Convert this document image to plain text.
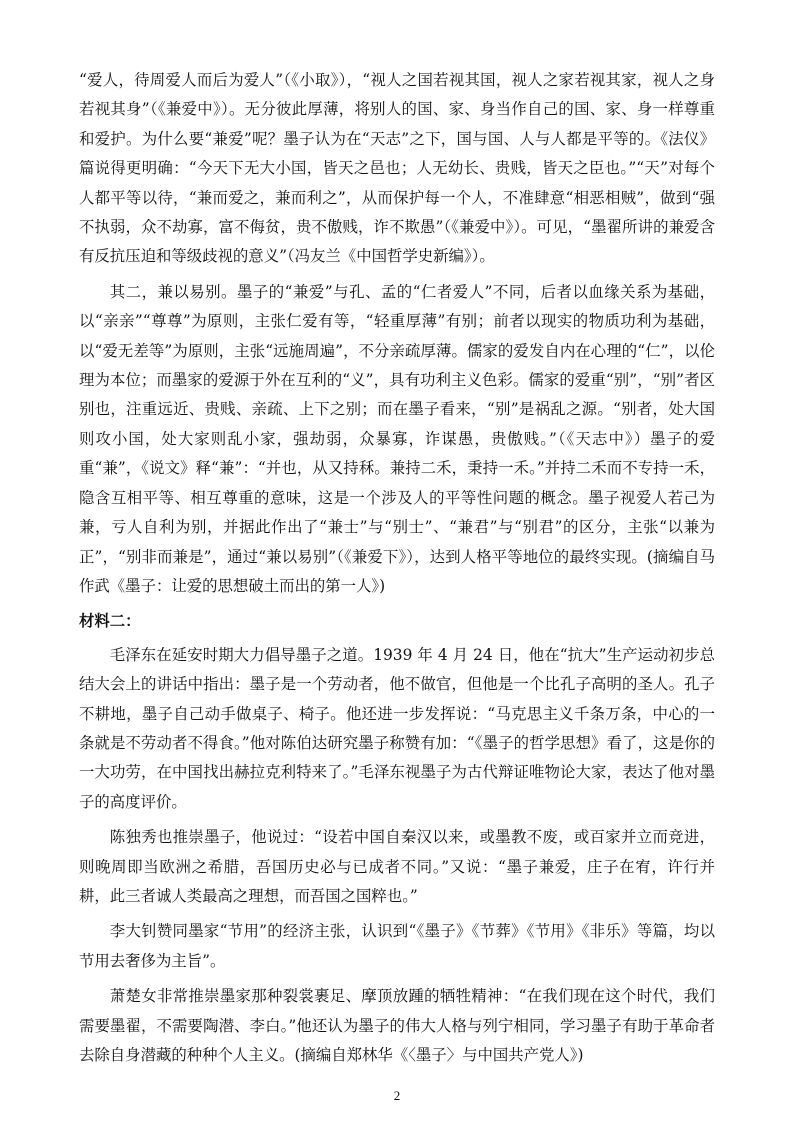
“爱人，待周爱人而后为爱人”（《小取》），“视人之国若视其国，视人之家若视其家，视人之身若视其身”（《兼爱中》）。无分彼此厚薄，将别人的国、家、身当作自己的国、家、身一样尊重和爱护。为什么要“兼爱”呢？墨子认为在“天志”之下，国与国、人与人都是平等的。《法仪》篇说得更明确：“今天下无大小国，皆天之邑也；人无幼长、贵贱，皆天之臣也。”“天”对每个人都平等以待，“兼而爱之，兼而利之”，从而保护每一个人，不准肆意“相恶相贼”，做到“强不执弱，众不劫寡，富不侮贫，贵不傲贱，诈不欺愚”（《兼爱中》）。可见，“墨翟所讲的兼爱含有反抗压迫和等级歧视的意义”（冯友兰《中国哲学史新编》）。

其二，兼以易别。墨子的“兼爱”与孔、孟的“仁者爱人”不同，后者以血缘关系为基础，以“亲亲”“尊尊”为原则，主张仁爱有等，“轻重厚薄”有别；前者以现实的物质功利为基础，以“爱无差等”为原则，主张“远施周遍”，不分亲疏厚薄。儒家的爱发自内在心理的“仁”，以伦理为本位；而墨家的爱源于外在互利的“义”，具有功利主义色彩。儒家的爱重“别”，“别”者区别也，注重远近、贵贱、亲疏、上下之别；而在墨子看来，“别”是祸乱之源。“别者，处大国则攻小国，处大家则乱小家，强劫弱，众暴寡，诈谋愚，贵傲贱。”（《天志中》）墨子的爱重“兼”，《说文》释“兼”：“并也，从又持秝。兼持二禾，秉持一禾。”并持二禾而不专持一禾，隐含互相平等、相互尊重的意味，这是一个涉及人的平等性问题的概念。墨子视爱人若己为兼，亏人自利为别，并据此作出了“兼士”与“别士”、“兼君”与“别君”的区分，主张“以兼为正”，“别非而兼是”，通过“兼以易别”（《兼爱下》），达到人格平等地位的最终实现。(摘编自马作武《墨子：让爱的思想破土而出的第一人》)

材料二：

毛泽东在延安时期大力倡导墨子之道。1939 年 4 月 24 日，他在“抗大”生产运动初步总结大会上的讲话中指出：墨子是一个劳动者，他不做官，但他是一个比孔子高明的圣人。孔子不耕地，墨子自己动手做桌子、椅子。他还进一步发挥说：“马克思主义千条万条，中心的一条就是不劳动者不得食。”他对陈伯达研究墨子称赞有加：“《墨子的哲学思想》看了，这是你的一大功劳，在中国找出赫拉克利特来了。”毛泽东视墨子为古代辩证唯物论大家，表达了他对墨子的高度评价。

陈独秀也推崇墨子，他说过：“设若中国自秦汉以来，或墨教不废，或百家并立而竞进，则晚周即当欧洲之希腊，吾国历史必与已成者不同。”又说：“墨子兼爱，庄子在宥，许行并耕，此三者诚人类最高之理想，而吾国之国粹也。”

李大钊赞同墨家“节用”的经济主张，认识到“《墨子》《节葬》《节用》《非乐》等篇，均以节用去奢侈为主旨”。

萧楚女非常推崇墨家那种裂裳裹足、摩顶放踵的牺牲精神：“在我们现在这个时代，我们需要墨翟，不需要陶潜、李白。”他还认为墨子的伟大人格与列宁相同，学习墨子有助于革命者去除自身潜藏的种种个人主义。(摘编自郑林华《〈墨子〉与中国共产党人》)

2
